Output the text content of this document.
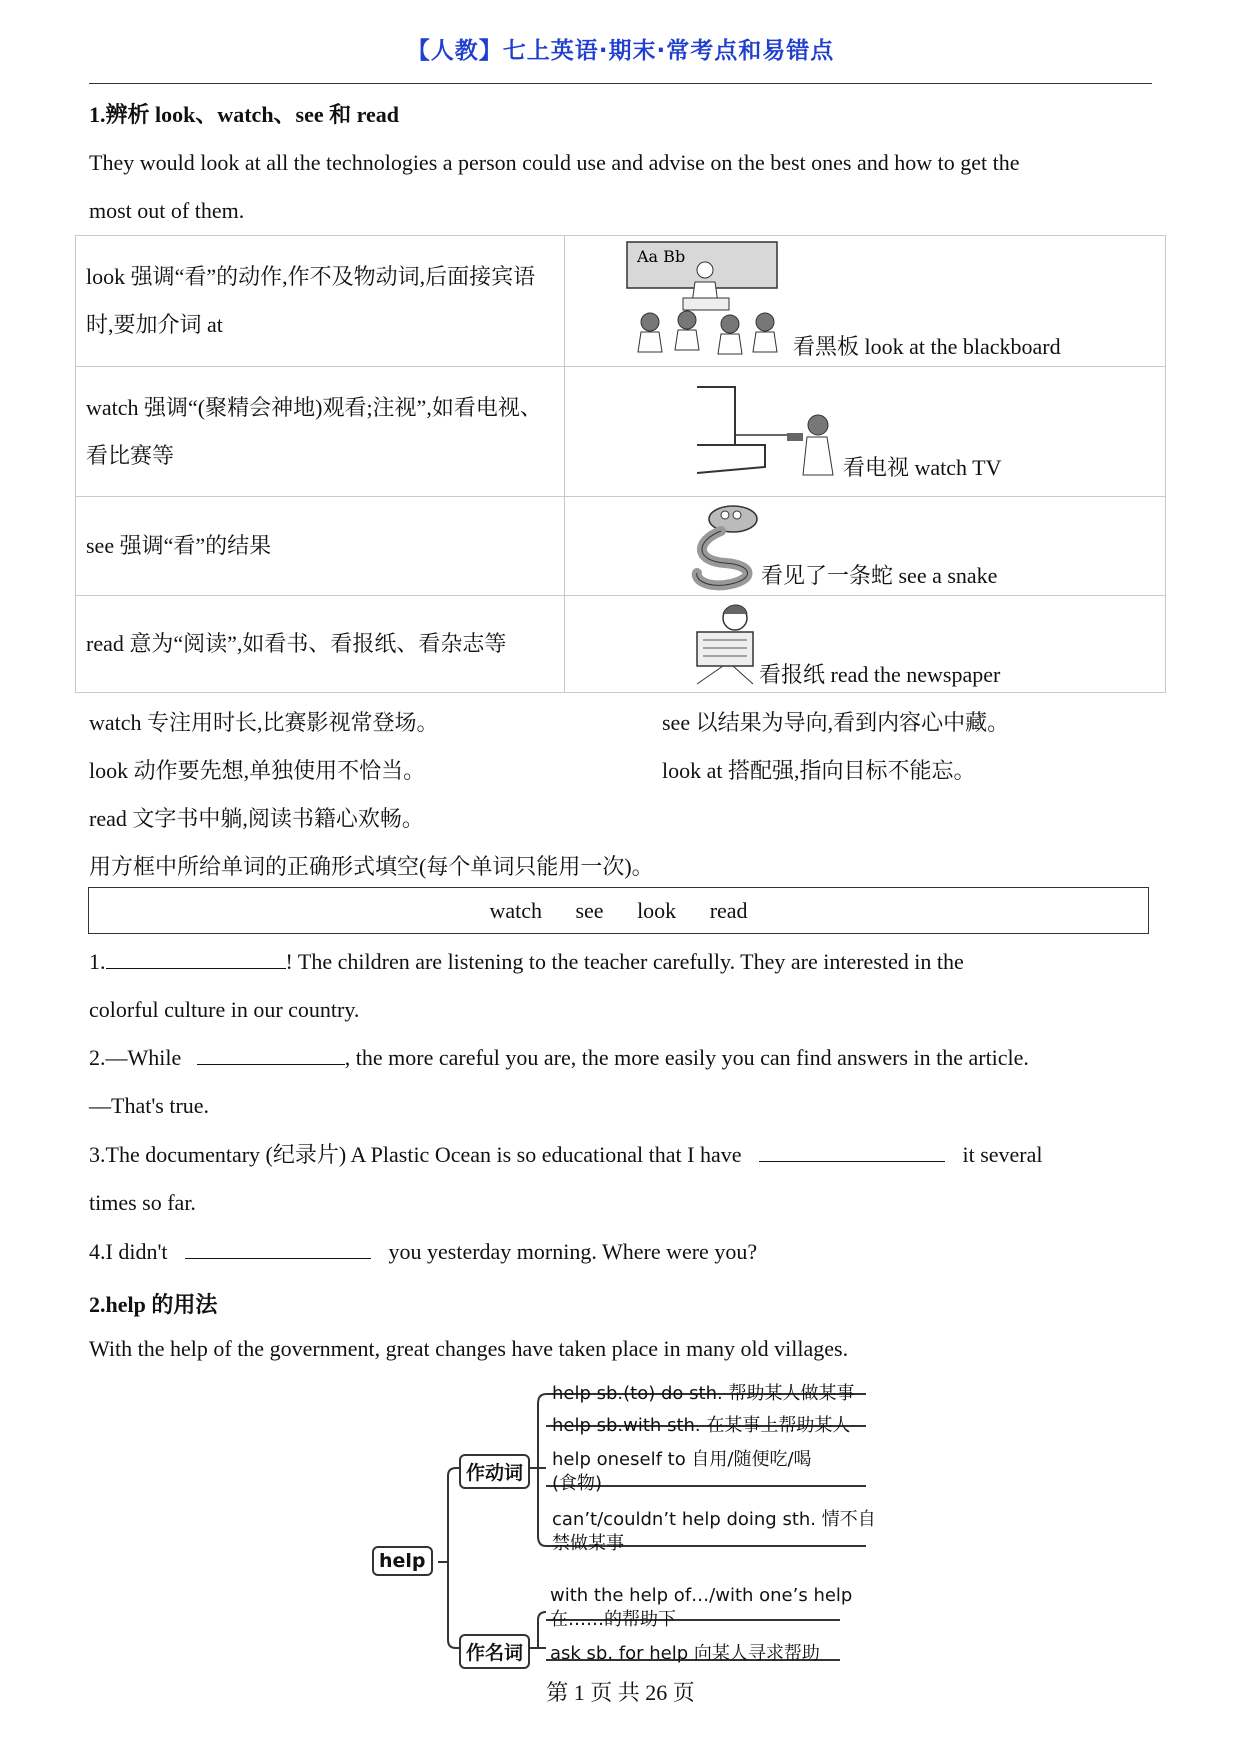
【人教】七上英语·期末·常考点和易错点
1.辨析 look、watch、see 和 read
They would look at all the technologies a person could use and advise on the best ones and how to get the
most out of them.
look 强调“看”的动作,作不及物动词,后面接宾语时,要加介词 at	Aa Bb
看黑板 look at the blackboard

watch 强调“(聚精会神地)观看;注视”,如看电视、看比赛等	看电视 watch TV

see 强调“看”的结果	看见了一条蛇 see a snake

read 意为“阅读”,如看书、看报纸、看杂志等	看报纸 read the newspaper
watch 专注用时长,比赛影视常登场。	see 以结果为导向,看到内容心中藏。
look 动作要先想,单独使用不恰当。	look at 搭配强,指向目标不能忘。
read 文字书中躺,阅读书籍心欢畅。
用方框中所给单词的正确形式填空(每个单词只能用一次)。
watch see look read
1.	! The children are listening to the teacher carefully. They are interested in the
colorful culture in our country.
2.—While	, the more careful you are, the more easily you can find answers in the article.
—That's true.
3.The documentary (纪录片) A Plastic Ocean is so educational that I have	it several
times so far.
4.I didn't	you yesterday morning. Where were you?
2.help 的用法
With the help of the government, great changes have taken place in many old villages.
help
作动词
作名词
help sb.(to) do sth. 帮助某人做某事
help sb.with sth. 在某事上帮助某人
help oneself to 自用/随便吃/喝
(食物)
can’t/couldn’t help doing sth. 情不自
禁做某事
with the help of…/with one’s help
在……的帮助下
ask sb. for help 向某人寻求帮助
第 1 页 共 26 页
